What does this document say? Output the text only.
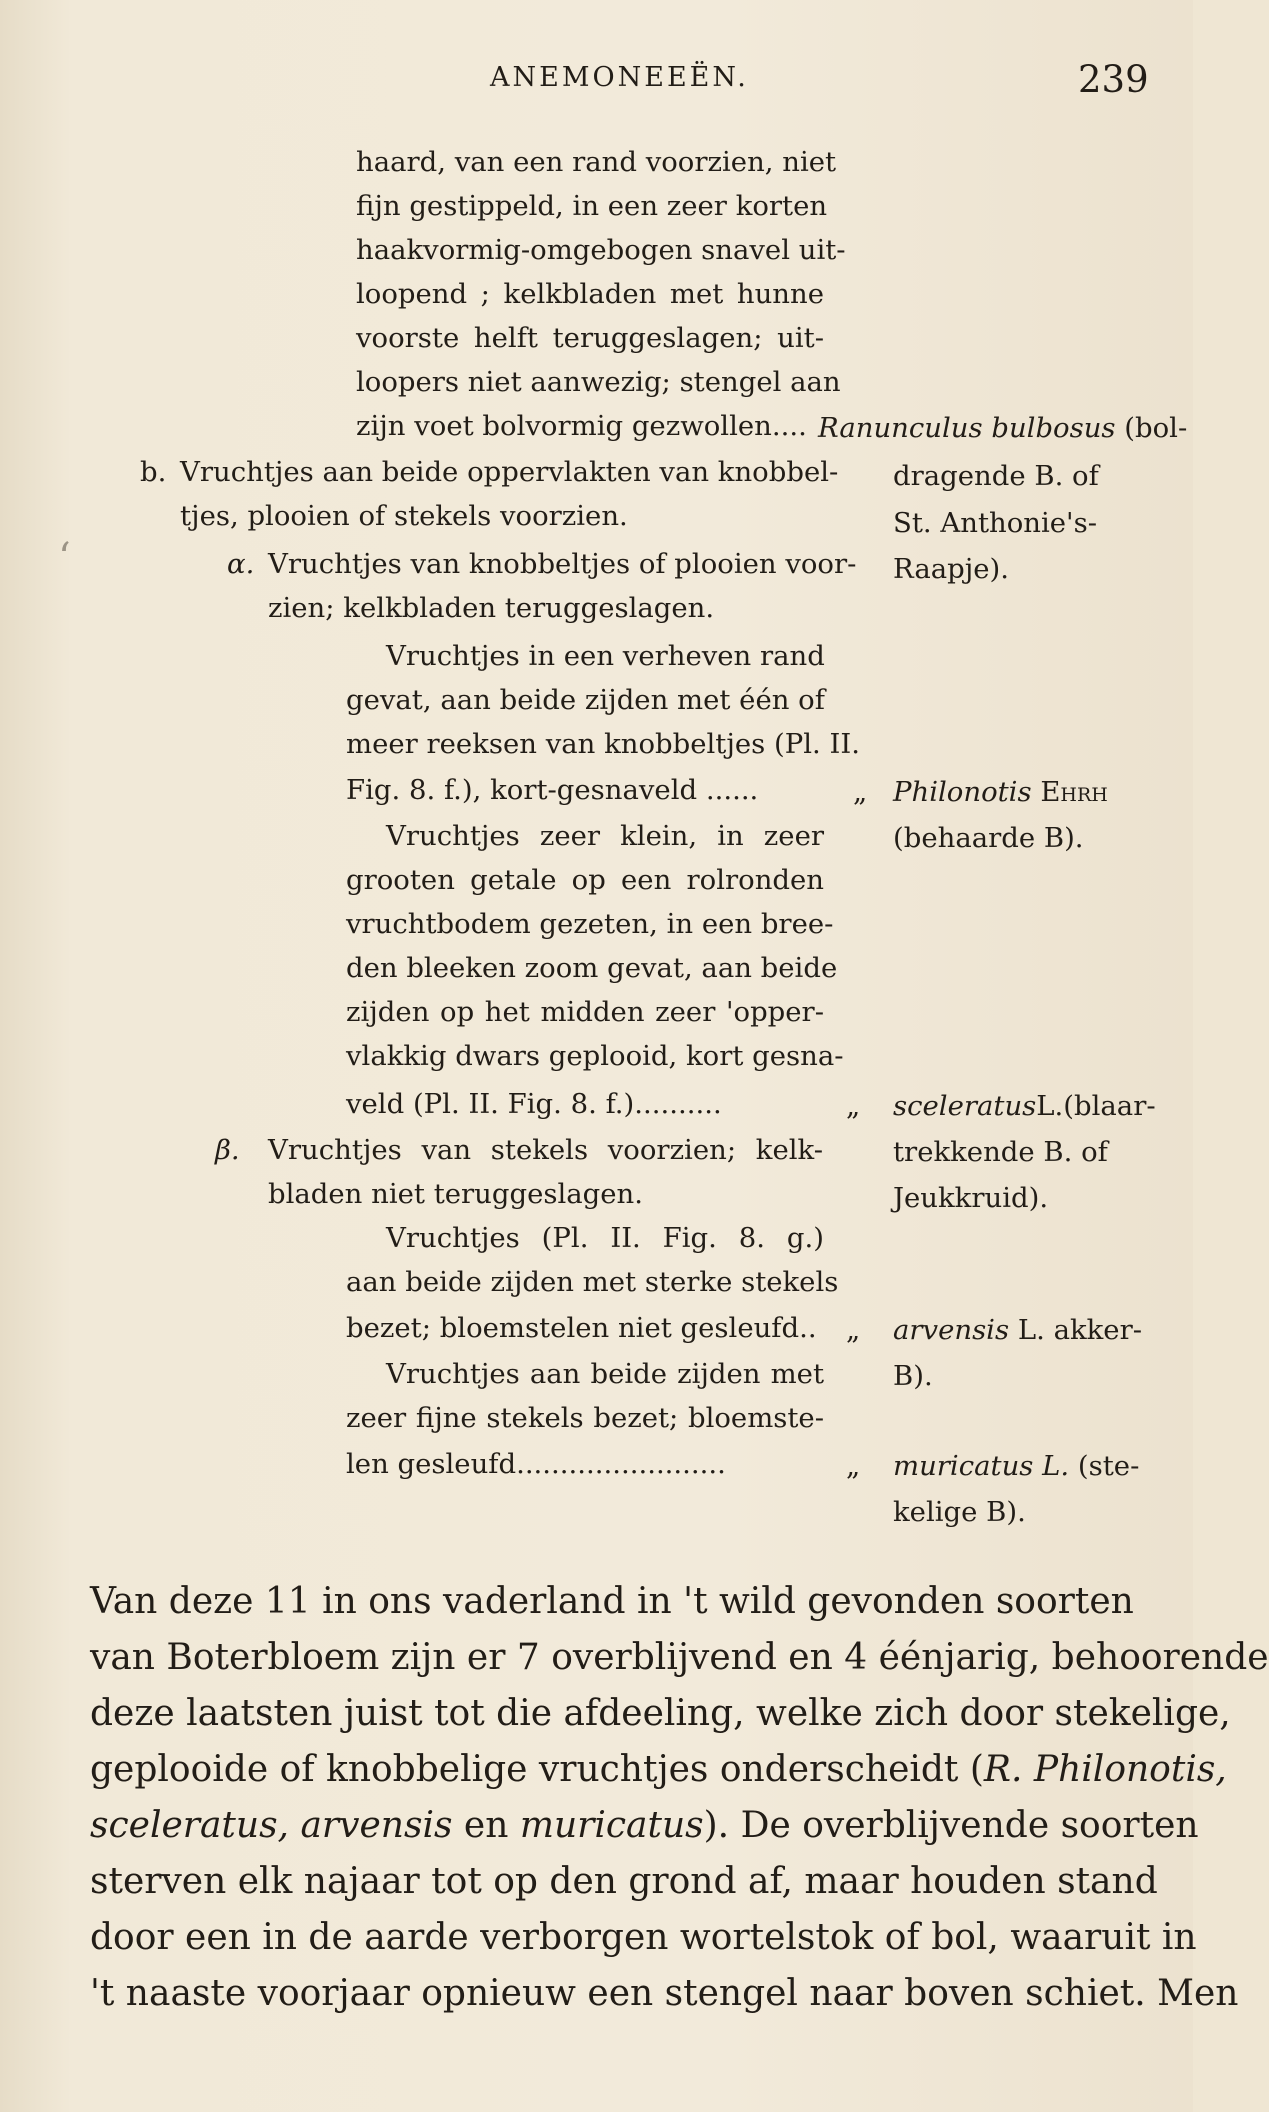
ANEMONEEËN.	239
haard, van een rand voorzien, niet
fijn gestippeld, in een zeer korten
haakvormig-omgebogen snavel uit-
loopend ; kelkbladen met hunne
voorste helft teruggeslagen; uit-
loopers niet aanwezig; stengel aan
zijn voet bolvormig gezwollen.... Ranunculus bulbosus (bol-
dragende B. of
St. Anthonie's-
Raapje).
b. Vruchtjes aan beide oppervlakten van knobbel-
tjes, plooien of stekels voorzien.
‘	α. Vruchtjes van knobbeltjes of plooien voor-
zien; kelkbladen teruggeslagen.
Vruchtjes in een verheven rand
gevat, aan beide zijden met één of
meer reeksen van knobbeltjes (Pl. II.
Fig. 8. f.), kort-gesnaveld ......	„ Philonotis Ehrh
(behaarde B).
Vruchtjes zeer klein, in zeer
grooten getale op een rolronden
vruchtbodem gezeten, in een bree-
den bleeken zoom gevat, aan beide
zijden op het midden zeer 'opper-
vlakkig dwars geplooid, kort gesna-
veld (Pl. II. Fig. 8. f.)..........	„ sceleratusL.(blaar-
trekkende B. of
Jeukkruid).
β. Vruchtjes van stekels voorzien; kelk-
bladen niet teruggeslagen.
Vruchtjes (Pl. II. Fig. 8. g.)
aan beide zijden met sterke stekels
bezet; bloemstelen niet gesleufd.. „ arvensis L. akker-
B).
Vruchtjes aan beide zijden met
zeer fijne stekels bezet; bloemste-
len gesleufd........................	„ muricatus L. (ste-
kelige B).
Van deze 11 in ons vaderland in 't wild gevonden soorten
van Boterbloem zijn er 7 overblijvend en 4 éénjarig, behoorende
deze laatsten juist tot die afdeeling, welke zich door stekelige,
geplooide of knobbelige vruchtjes onderscheidt (R. Philonotis,
sceleratus, arvensis en muricatus). De overblijvende soorten
sterven elk najaar tot op den grond af, maar houden stand
door een in de aarde verborgen wortelstok of bol, waaruit in
't naaste voorjaar opnieuw een stengel naar boven schiet. Men
